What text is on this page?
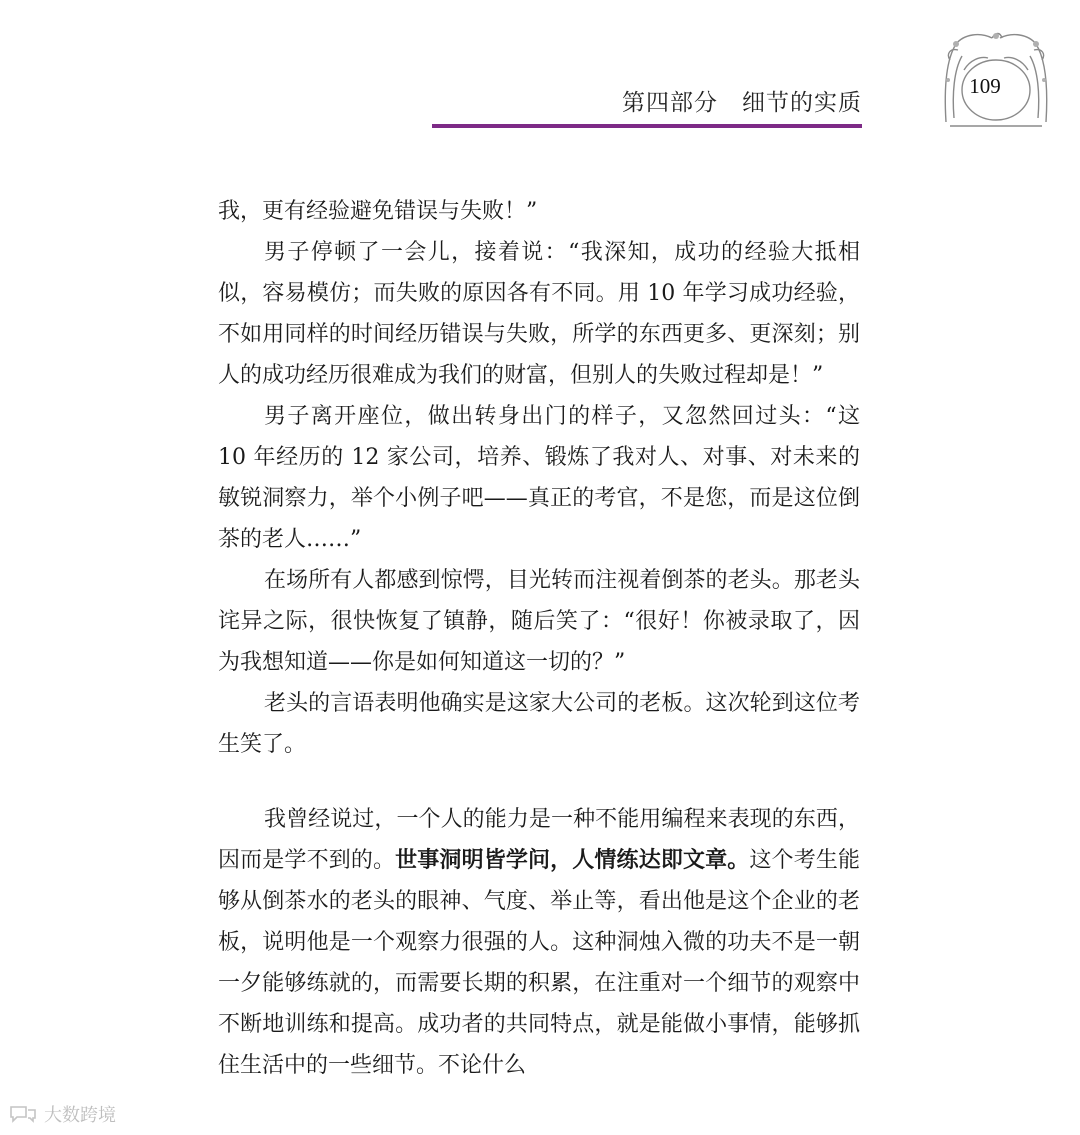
第四部分　细节的实质
109

我，更有经验避免错误与失败！”

男子停顿了一会儿，接着说：“我深知，成功的经验大抵相似，容易模仿；而失败的原因各有不同。用 10 年学习成功经验，不如用同样的时间经历错误与失败，所学的东西更多、更深刻；别人的成功经历很难成为我们的财富，但别人的失败过程却是！”

男子离开座位，做出转身出门的样子，又忽然回过头：“这 10 年经历的 12 家公司，培养、锻炼了我对人、对事、对未来的敏锐洞察力，举个小例子吧——真正的考官，不是您，而是这位倒茶的老人……”

在场所有人都感到惊愕，目光转而注视着倒茶的老头。那老头诧异之际，很快恢复了镇静，随后笑了：“很好！你被录取了，因为我想知道——你是如何知道这一切的？”

老头的言语表明他确实是这家大公司的老板。这次轮到这位考生笑了。

我曾经说过，一个人的能力是一种不能用编程来表现的东西，因而是学不到的。世事洞明皆学问，人情练达即文章。这个考生能够从倒茶水的老头的眼神、气度、举止等，看出他是这个企业的老板，说明他是一个观察力很强的人。这种洞烛入微的功夫不是一朝一夕能够练就的，而需要长期的积累，在注重对一个细节的观察中不断地训练和提高。成功者的共同特点，就是能做小事情，能够抓住生活中的一些细节。不论什么

大数跨境
